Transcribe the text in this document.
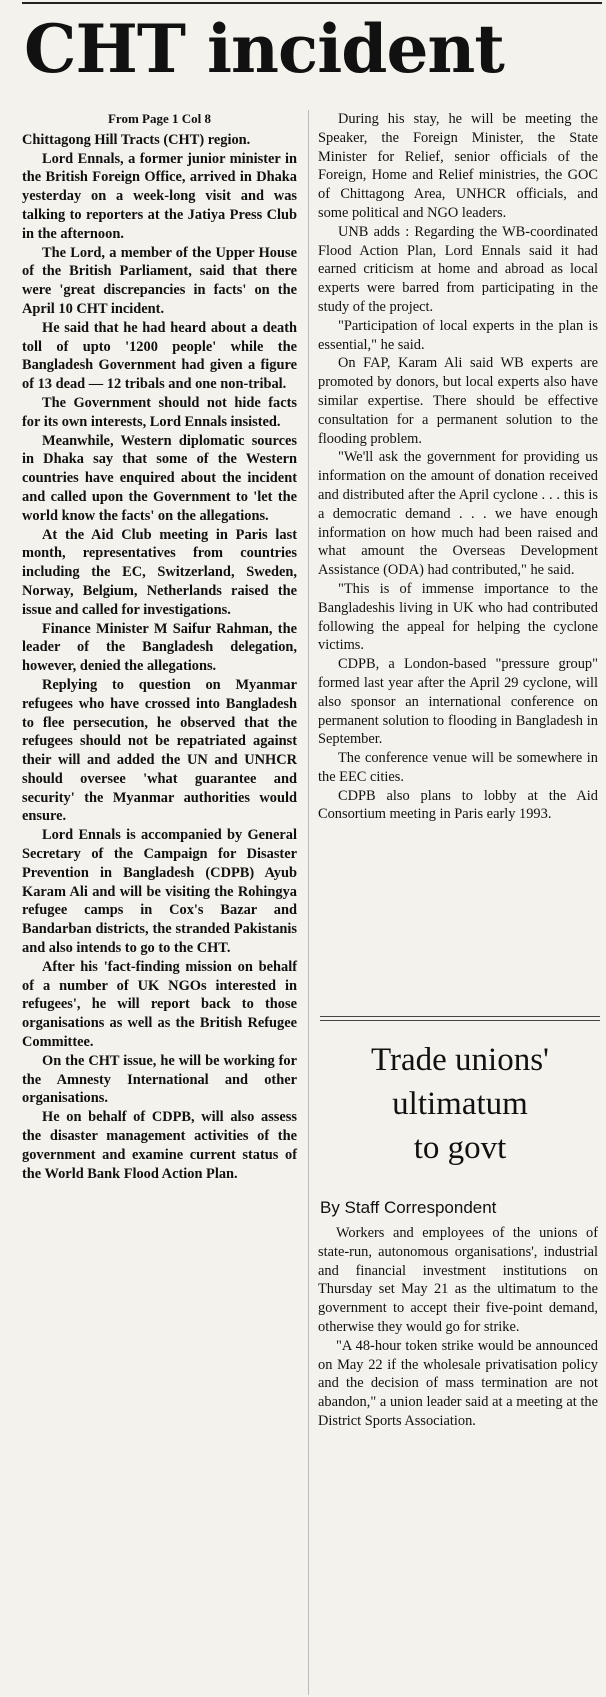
CHT incident

From Page 1 Col 8

Chittagong Hill Tracts (CHT) region.

Lord Ennals, a former junior minister in the British Foreign Office, arrived in Dhaka yesterday on a week-long visit and was talking to reporters at the Jatiya Press Club in the afternoon.

The Lord, a member of the Upper House of the British Parliament, said that there were 'great discrepancies in facts' on the April 10 CHT incident.

He said that he had heard about a death toll of upto '1200 people' while the Bangladesh Government had given a figure of 13 dead — 12 tribals and one non-tribal.

The Government should not hide facts for its own interests, Lord Ennals insisted.

Meanwhile, Western diplomatic sources in Dhaka say that some of the Western countries have enquired about the incident and called upon the Government to 'let the world know the facts' on the allegations.

At the Aid Club meeting in Paris last month, representatives from countries including the EC, Switzerland, Sweden, Norway, Belgium, Netherlands raised the issue and called for investigations.

Finance Minister M Saifur Rahman, the leader of the Bangladesh delegation, however, denied the allegations.

Replying to question on Myanmar refugees who have crossed into Bangladesh to flee persecution, he observed that the refugees should not be repatriated against their will and added the UN and UNHCR should oversee 'what guarantee and security' the Myanmar authorities would ensure.

Lord Ennals is accompanied by General Secretary of the Campaign for Disaster Prevention in Bangladesh (CDPB) Ayub Karam Ali and will be visiting the Rohingya refugee camps in Cox's Bazar and Bandarban districts, the stranded Pakistanis and also intends to go to the CHT.

After his 'fact-finding mission on behalf of a number of UK NGOs interested in refugees', he will report back to those organisations as well as the British Refugee Committee.

On the CHT issue, he will be working for the Amnesty International and other organisations.

He on behalf of CDPB, will also assess the disaster management activities of the government and examine current status of the World Bank Flood Action Plan.

During his stay, he will be meeting the Speaker, the Foreign Minister, the State Minister for Relief, senior officials of the Foreign, Home and Relief ministries, the GOC of Chittagong Area, UNHCR officials, and some political and NGO leaders.

UNB adds : Regarding the WB-coordinated Flood Action Plan, Lord Ennals said it had earned criticism at home and abroad as local experts were barred from participating in the study of the project.

"Participation of local experts in the plan is essential," he said.

On FAP, Karam Ali said WB experts are promoted by donors, but local experts also have similar expertise. There should be effective consultation for a permanent solution to the flooding problem.

"We'll ask the government for providing us information on the amount of donation received and distributed after the April cyclone . . . this is a democratic demand . . . we have enough information on how much had been raised and what amount the Overseas Development Assistance (ODA) had contributed," he said.

"This is of immense importance to the Bangladeshis living in UK who had contributed following the appeal for helping the cyclone victims.

CDPB, a London-based "pressure group" formed last year after the April 29 cyclone, will also sponsor an international conference on permanent solution to flooding in Bangladesh in September.

The conference venue will be somewhere in the EEC cities.

CDPB also plans to lobby at the Aid Consortium meeting in Paris early 1993.

Trade unions'
ultimatum
to govt
By Staff Correspondent

Workers and employees of the unions of state-run, autonomous organisations', industrial and financial investment institutions on Thursday set May 21 as the ultimatum to the government to accept their five-point demand, otherwise they would go for strike.

"A 48-hour token strike would be announced on May 22 if the wholesale privatisation policy and the decision of mass termination are not abandon," a union leader said at a meeting at the District Sports Association.
